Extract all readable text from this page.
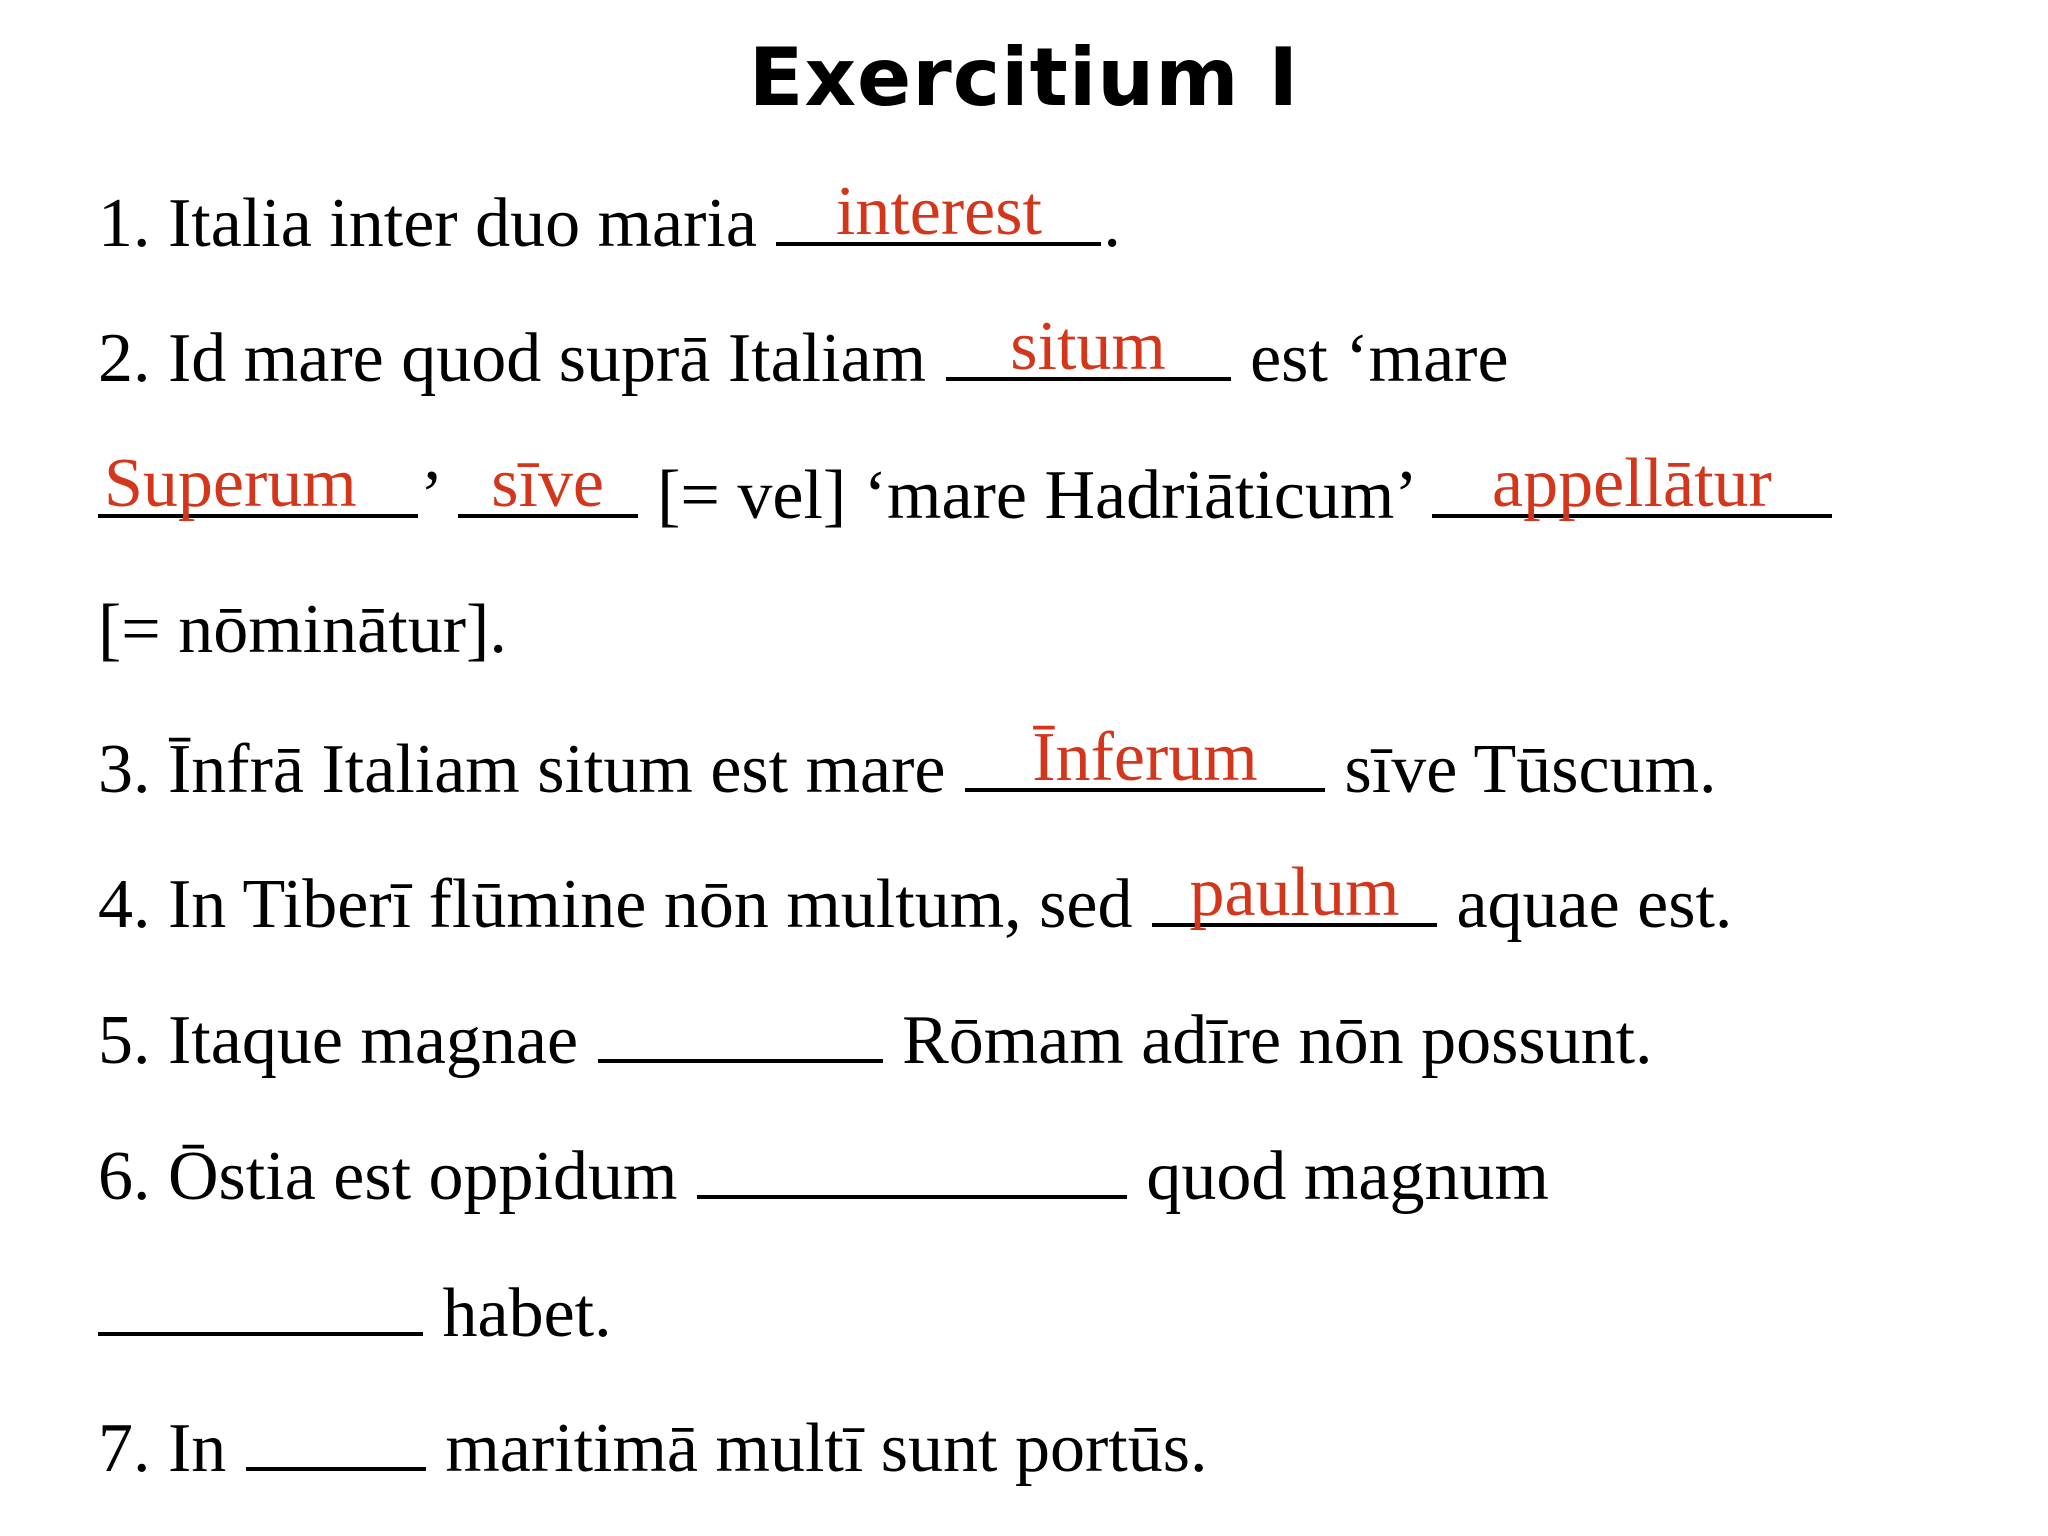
Exercitium I
1. Italia inter duo maria interest .
2. Id mare quod suprā Italiam situm est ‘mare
Superum ’ sīve [= vel] ‘mare Hadriāticum’ appellātur
[= nōminātur].
3. Īnfrā Italiam situm est mare Īnferum sīve Tūscum.
4. In Tiberī flūmine nōn multum, sed paulum aquae est.
5. Itaque magnae	Rōmam adīre nōn possunt.
6. Ōstia est oppidum	quod magnum
habet.
7. In	maritimā multī sunt portūs.
